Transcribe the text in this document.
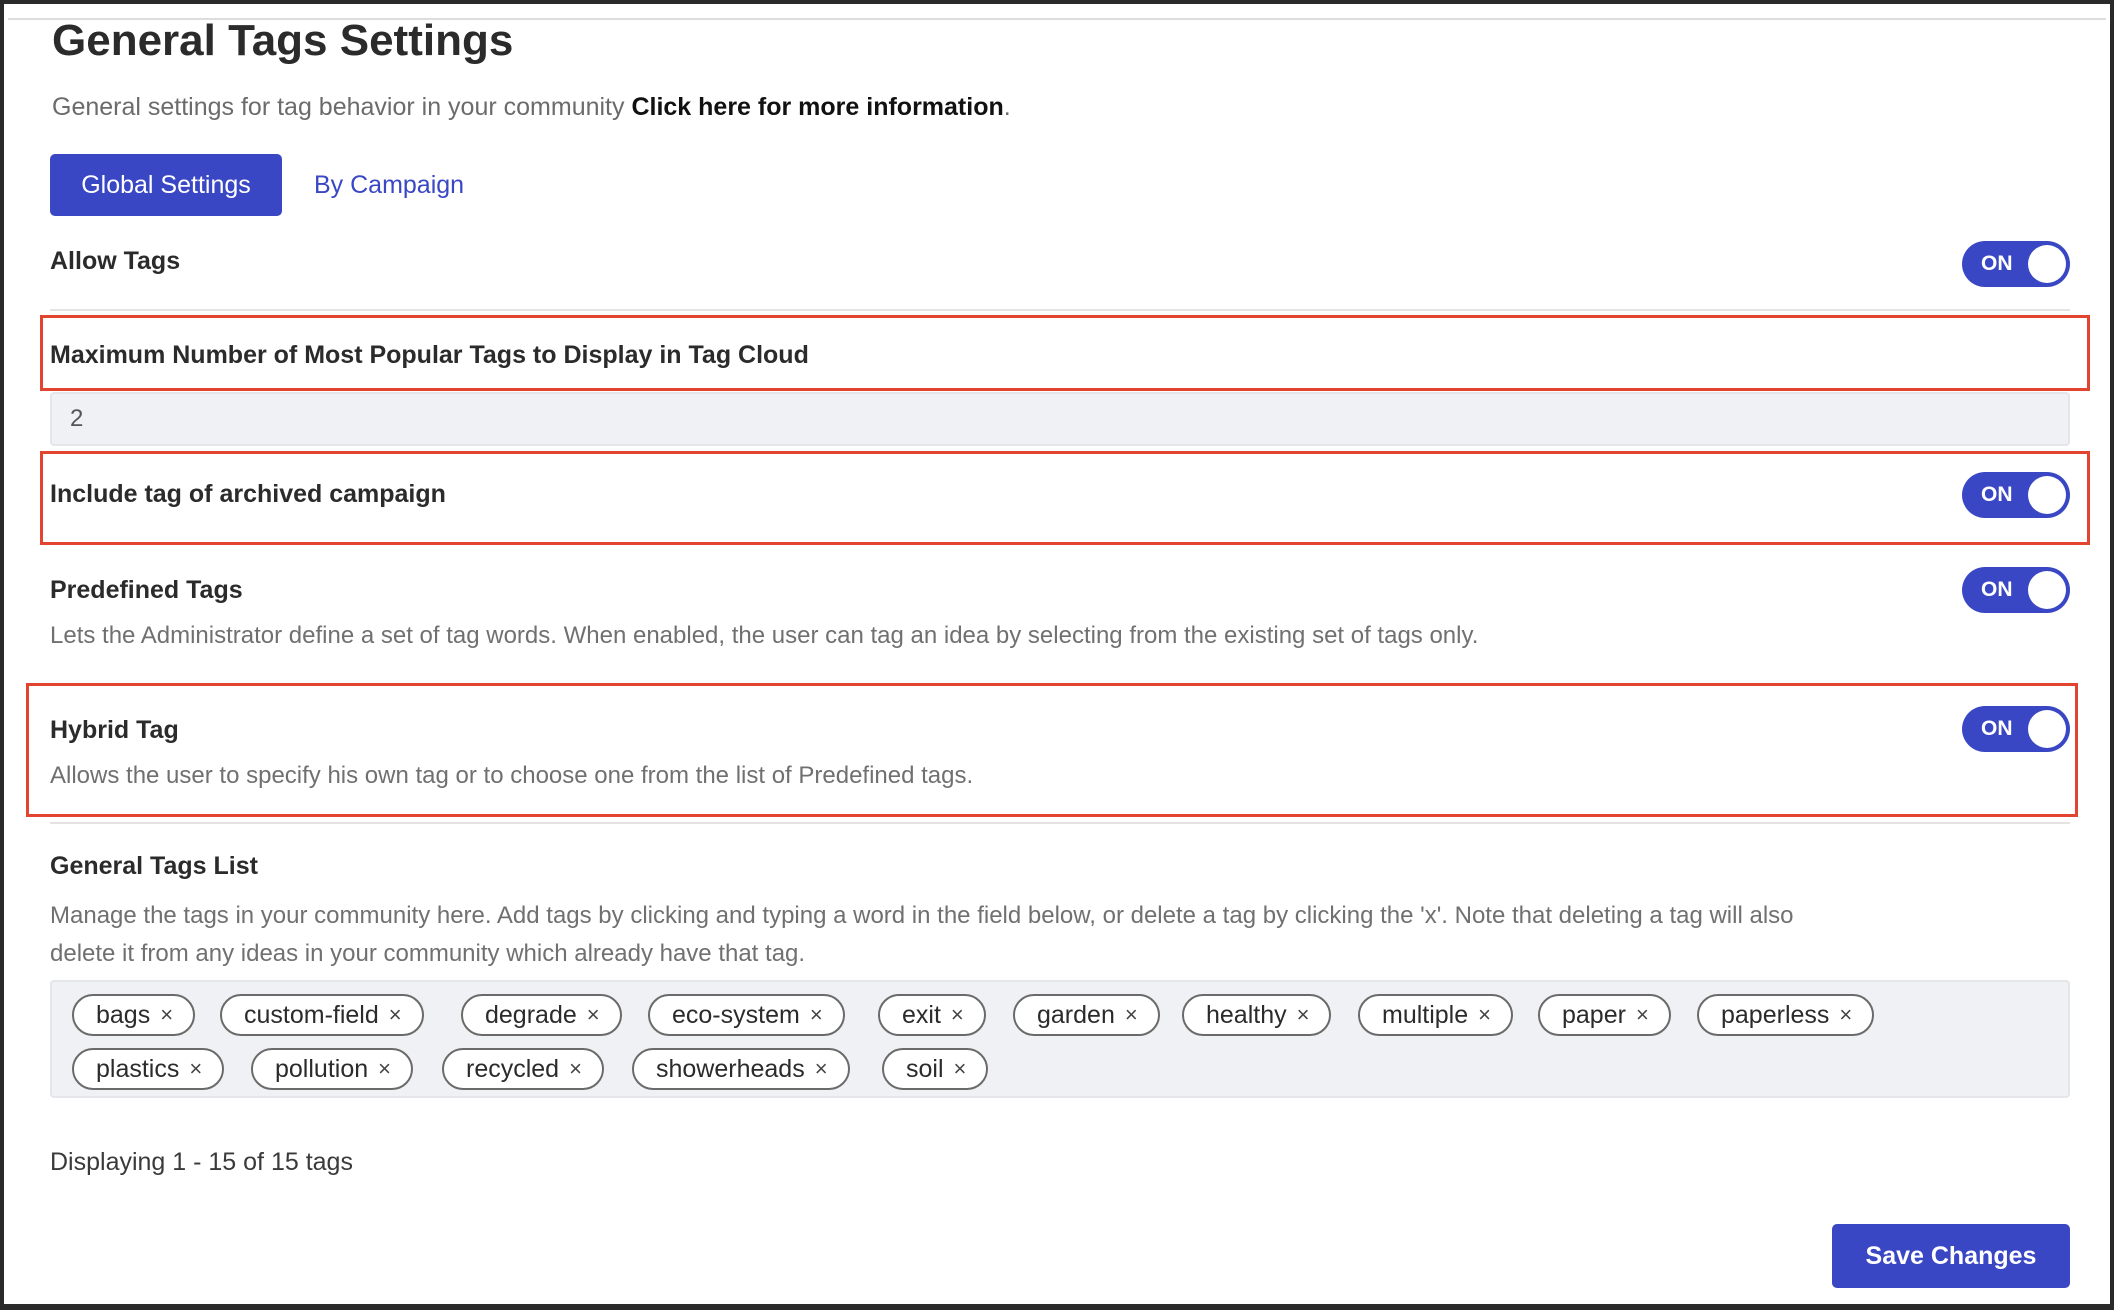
General Tags Settings
General settings for tag behavior in your community Click here for more information.
Global Settings	By Campaign
Allow Tags	ON
Maximum Number of Most Popular Tags to Display in Tag Cloud
2
Include tag of archived campaign	ON
Predefined Tags	ON
Lets the Administrator define a set of tag words. When enabled, the user can tag an idea by selecting from the existing set of tags only.
Hybrid Tag	ON
Allows the user to specify his own tag or to choose one from the list of Predefined tags.
General Tags List
Manage the tags in your community here. Add tags by clicking and typing a word in the field below, or delete a tag by clicking the 'x'. Note that deleting a tag will also
delete it from any ideas in your community which already have that tag.
bags ×	custom-field ×	degrade ×	eco-system ×	exit ×	garden ×	healthy ×	multiple ×	paper ×	paperless ×
plastics ×	pollution ×	recycled ×	showerheads ×	soil ×
Displaying 1 - 15 of 15 tags
Save Changes
